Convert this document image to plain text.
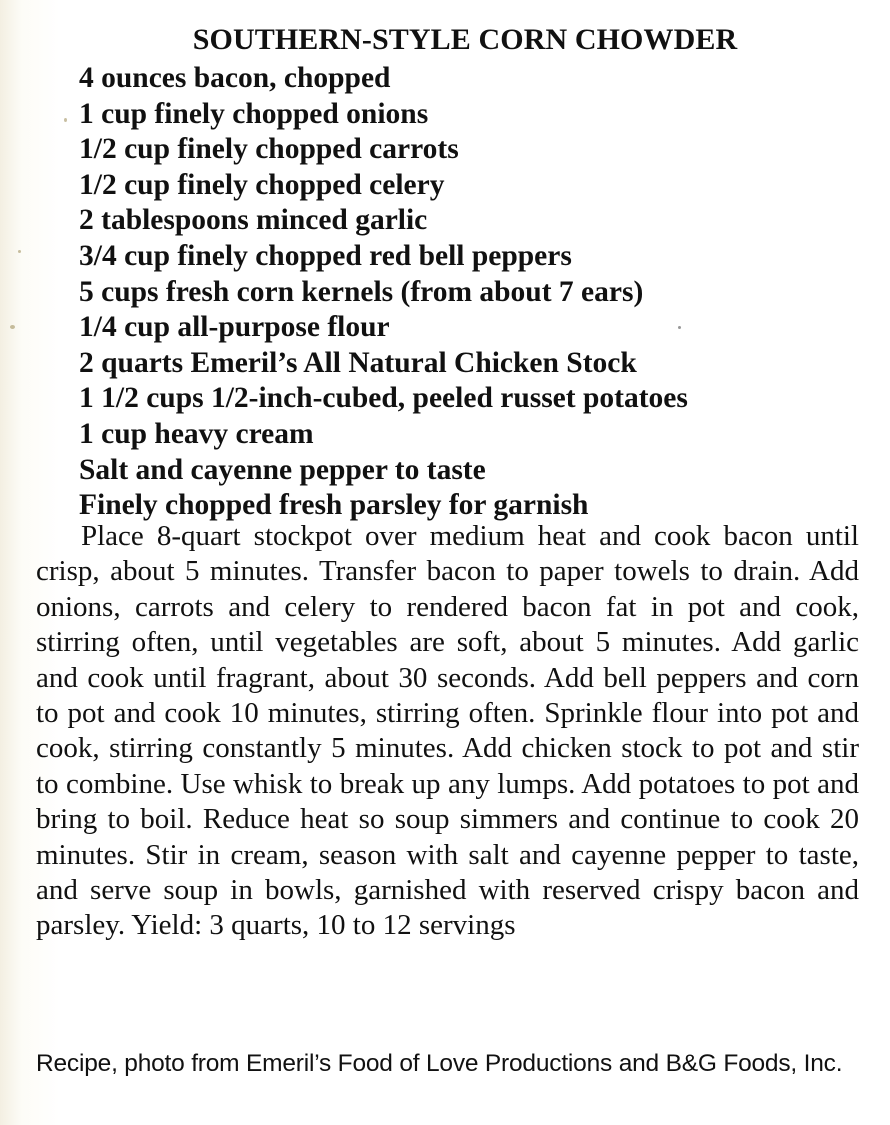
SOUTHERN-STYLE CORN CHOWDER
4 ounces bacon, chopped
1 cup finely chopped onions
1/2 cup finely chopped carrots
1/2 cup finely chopped celery
2 tablespoons minced garlic
3/4 cup finely chopped red bell peppers
5 cups fresh corn kernels (from about 7 ears)
1/4 cup all-purpose flour
2 quarts Emeril’s All Natural Chicken Stock
1 1/2 cups 1/2-inch-cubed, peeled russet potatoes
1 cup heavy cream
Salt and cayenne pepper to taste
Finely chopped fresh parsley for garnish

Place 8-quart stockpot over medium heat and cook bacon until crisp, about 5 minutes. Transfer bacon to paper towels to drain. Add onions, carrots and celery to rendered bacon fat in pot and cook, stirring often, until vegetables are soft, about 5 minutes. Add garlic and cook until fragrant, about 30 seconds. Add bell peppers and corn to pot and cook 10 minutes, stirring often. Sprinkle flour into pot and cook, stirring constantly 5 minutes. Add chicken stock to pot and stir to combine. Use whisk to break up any lumps. Add potatoes to pot and bring to boil. Reduce heat so soup simmers and continue to cook 20 minutes. Stir in cream, season with salt and cayenne pepper to taste, and serve soup in bowls, garnished with reserved crispy bacon and parsley. Yield: 3 quarts, 10 to 12 servings

Recipe, photo from Emeril’s Food of Love Productions and B&G Foods, Inc.
